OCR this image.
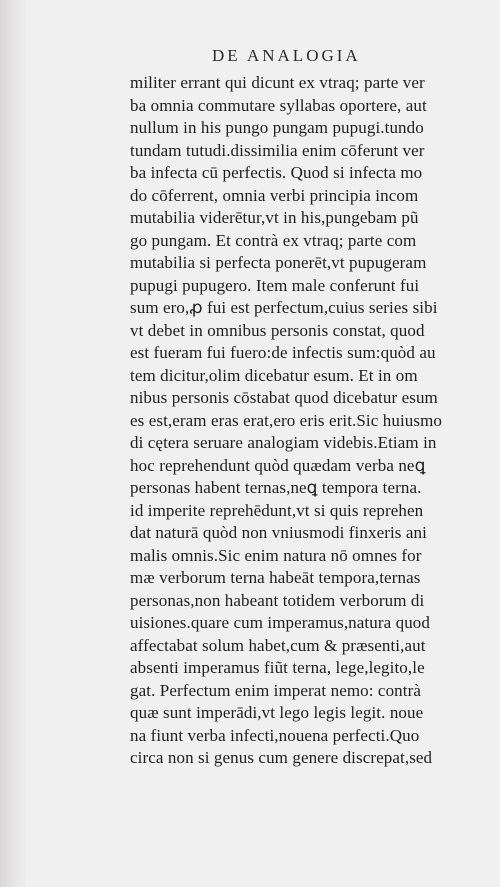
DE ANALOGIA
militer errant qui dicunt ex vtraq; parte ver
ba omnia commutare syllabas oportere, aut
nullum in his pungo pungam pupugi.tundo
tundam tutudi.dissimilia enim cōferunt ver
ba infecta cū perfectis. Quod si infecta mo
do cōferrent, omnia verbi principia incom
mutabilia viderētur,vt in his,pungebam pũ
go pungam. Et contrà ex vtraq; parte com
mutabilia si perfecta ponerēt,vt pupugeram
pupugi pupugero. Item male conferunt fui
sum ero,ꝓ fui est perfectum,cuius series sibi
vt debet in omnibus personis constat, quod
est fueram fui fuero:de infectis sum:quòd au
tem dicitur,olim dicebatur esum. Et in om
nibus personis cōstabat quod dicebatur esum
es est,eram eras erat,ero eris erit.Sic huiusmo
di cętera seruare analogiam videbis.Etiam in
hoc reprehendunt quòd quædam verba neꝗ
personas habent ternas,neꝗ tempora terna.
id imperite reprehēdunt,vt si quis reprehen
dat naturā quòd non vniusmodi finxeris ani
malis omnis.Sic enim natura nō omnes for
mæ verborum terna habeāt tempora,ternas
personas,non habeant totidem verborum di
uisiones.quare cum imperamus,natura quod
affectabat solum habet,cum & præsenti,aut
absenti imperamus fiũt terna, lege,legito,le
gat. Perfectum enim imperat nemo: contrà
quæ sunt imperādi,vt lego legis legit. noue
na fiunt verba infecti,nouena perfecti.Quo
circa non si genus cum genere discrepat,sed
